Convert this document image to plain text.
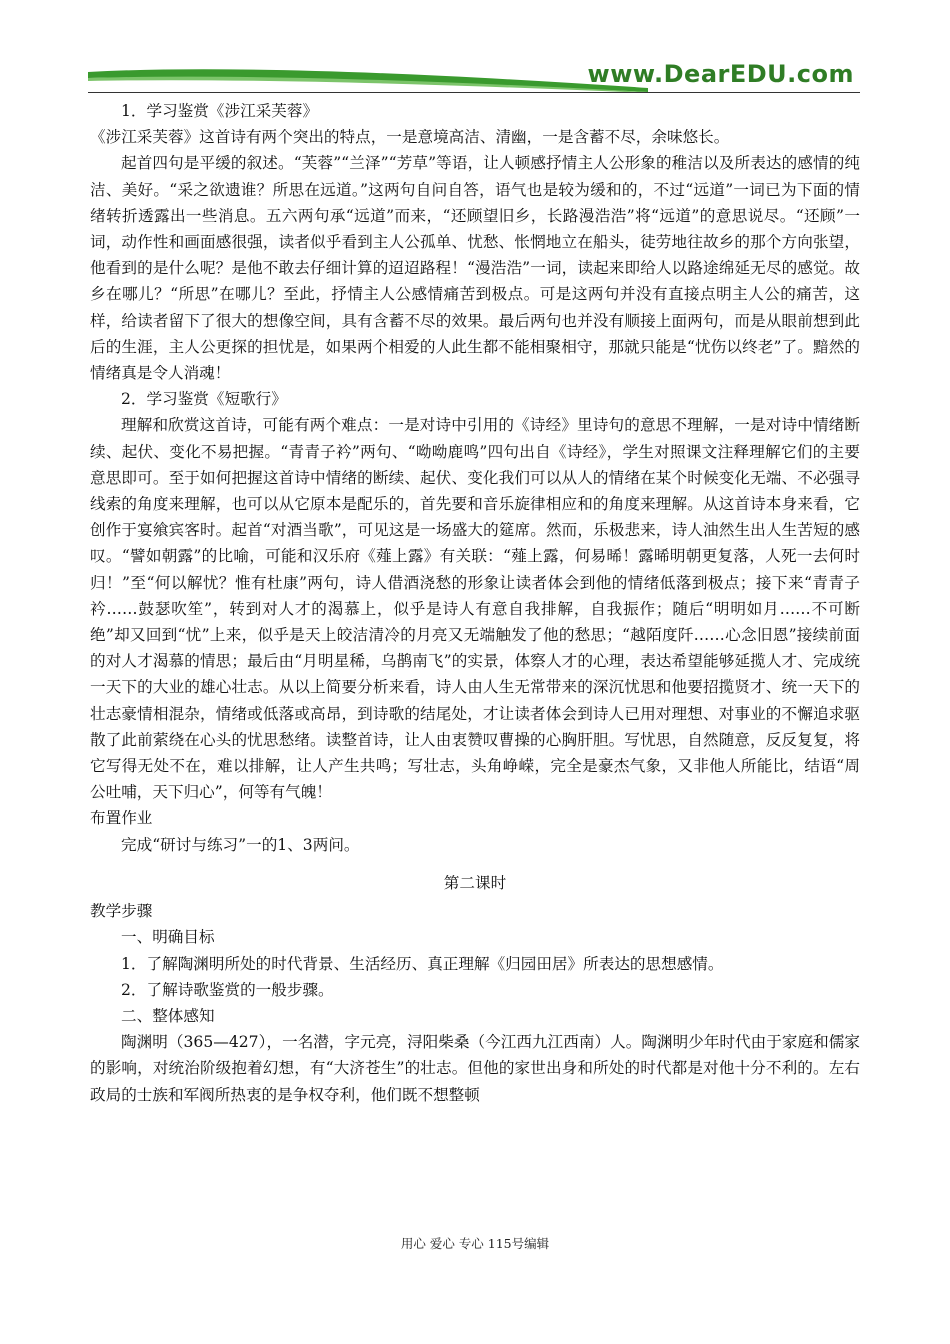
www.DearEDU.com

1．学习鉴赏《涉江采芙蓉》

《涉江采芙蓉》这首诗有两个突出的特点，一是意境高洁、清幽，一是含蓄不尽，余味悠长。

起首四句是平缓的叙述。“芙蓉”“兰泽”“芳草”等语，让人顿感抒情主人公形象的稚洁以及所表达的感情的纯洁、美好。“采之欲遗谁？所思在远道。”这两句自问自答，语气也是较为缓和的，不过“远道”一词已为下面的情绪转折透露出一些消息。五六两句承“远道”而来，“还顾望旧乡，长路漫浩浩”将“远道”的意思说尽。“还顾”一词，动作性和画面感很强，读者似乎看到主人公孤单、忧愁、怅惘地立在船头，徒劳地往故乡的那个方向张望，他看到的是什么呢？是他不敢去仔细计算的迢迢路程！“漫浩浩”一词，读起来即给人以路途绵延无尽的感觉。故乡在哪儿？“所思”在哪儿？至此，抒情主人公感情痛苦到极点。可是这两句并没有直接点明主人公的痛苦，这样，给读者留下了很大的想像空间，具有含蓄不尽的效果。最后两句也并没有顺接上面两句，而是从眼前想到此后的生涯，主人公更探的担忧是，如果两个相爱的人此生都不能相聚相守，那就只能是“忧伤以终老”了。黯然的情绪真是令人消魂！

2．学习鉴赏《短歌行》

理解和欣赏这首诗，可能有两个难点：一是对诗中引用的《诗经》里诗句的意思不理解，一是对诗中情绪断续、起伏、变化不易把握。“青青子衿”两句、“呦呦鹿鸣”四句出自《诗经》，学生对照课文注释理解它们的主要意思即可。至于如何把握这首诗中情绪的断续、起伏、变化我们可以从人的情绪在某个时候变化无端、不必强寻线索的角度来理解，也可以从它原本是配乐的，首先要和音乐旋律相应和的角度来理解。从这首诗本身来看，它创作于宴飨宾客时。起首“对酒当歌”，可见这是一场盛大的筵席。然而，乐极悲来，诗人油然生出人生苦短的感叹。“譬如朝露”的比喻，可能和汉乐府《薤上露》有关联：“薤上露，何易晞！露晞明朝更复落，人死一去何时归！”至“何以解忧？惟有杜康”两句，诗人借酒浇愁的形象让读者体会到他的情绪低落到极点；接下来“青青子衿……鼓瑟吹笙”，转到对人才的渴慕上，似乎是诗人有意自我排解，自我振作；随后“明明如月……不可断绝”却又回到“忧”上来，似乎是天上皎洁清冷的月亮又无端触发了他的愁思；“越陌度阡……心念旧恩”接续前面的对人才渴慕的情思；最后由“月明星稀，乌鹊南飞”的实景，体察人才的心理，表达希望能够延揽人才、完成统一天下的大业的雄心壮志。从以上简要分析来看，诗人由人生无常带来的深沉忧思和他要招揽贤才、统一天下的壮志豪情相混杂，情绪或低落或高昂，到诗歌的结尾处，才让读者体会到诗人已用对理想、对事业的不懈追求驱散了此前萦绕在心头的忧思愁绪。读整首诗，让人由衷赞叹曹操的心胸肝胆。写忧思，自然随意，反反复复，将它写得无处不在，难以排解，让人产生共鸣；写壮志，头角峥嵘，完全是豪杰气象，又非他人所能比，结语“周公吐哺，天下归心”，何等有气魄！

布置作业

完成“研讨与练习”一的1、3两问。

第二课时

教学步骤

一、明确目标

1．了解陶渊明所处的时代背景、生活经历、真正理解《归园田居》所表达的思想感情。

2．了解诗歌鉴赏的一般步骤。

二、整体感知

陶渊明（365—427），一名潜，字元亮，浔阳柴桑（今江西九江西南）人。陶渊明少年时代由于家庭和儒家的影响，对统治阶级抱着幻想，有“大济苍生”的壮志。但他的家世出身和所处的时代都是对他十分不利的。左右政局的士族和军阀所热衷的是争权夺利，他们既不想整顿

用心 爱心 专心 115号编辑
